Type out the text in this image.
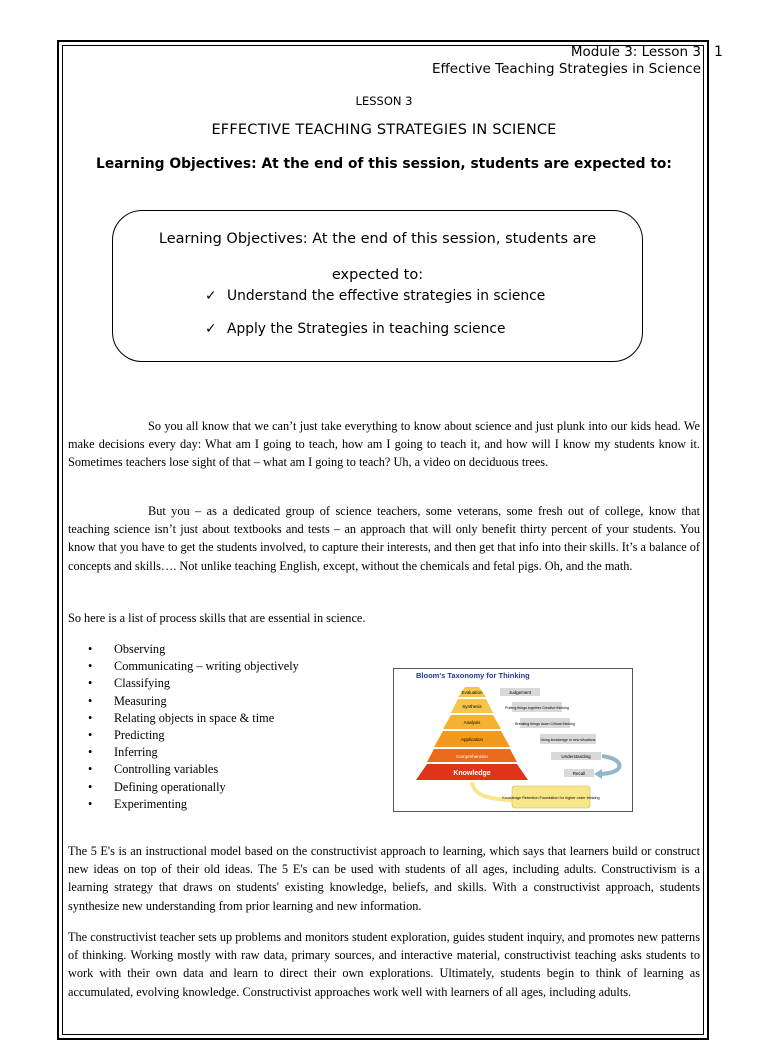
1
Module 3: Lesson 3
Effective Teaching Strategies in Science
LESSON 3
EFFECTIVE TEACHING STRATEGIES IN SCIENCE
Learning Objectives: At the end of this session, students are expected to:
Learning Objectives: At the end of this session, students are
expected to:
✓ Understand the effective strategies in science
✓ Apply the Strategies in teaching science

So you all know that we can’t just take everything to know about science and just plunk into our kids head. We make decisions every day: What am I going to teach, how am I going to teach it, and how will I know my students know it. Sometimes teachers lose sight of that – what am I going to teach? Uh, a video on deciduous trees.

But you – as a dedicated group of science teachers, some veterans, some fresh out of college, know that teaching science isn’t just about textbooks and tests – an approach that will only benefit thirty percent of your students. You know that you have to get the students involved, to capture their interests, and then get that info into their skills. It’s a balance of concepts and skills…. Not unlike teaching English, except, without the chemicals and fetal pigs. Oh, and the math.

So here is a list of process skills that are essential in science.

• Observing
• Communicating – writing objectively
• Classifying
• Measuring
• Relating objects in space & time
• Predicting
• Inferring
• Controlling variables
• Defining operationally
• Experimenting
Bloom's Taxonomy for Thinking
Evaluation
Synthesis
Analysis
Application
Comprehension
Knowledge
Judgement
Putting things together Creative thinking
Breaking things down Critical thinking
Using knowledge in new situations
Understanding
Recall
Knowledge Retention Foundation for higher order thinking

The 5 E's is an instructional model based on the constructivist approach to learning, which says that learners build or construct new ideas on top of their old ideas. The 5 E's can be used with students of all ages, including adults. Constructivism is a learning strategy that draws on students' existing knowledge, beliefs, and skills. With a constructivist approach, students synthesize new understanding from prior learning and new information.

The constructivist teacher sets up problems and monitors student exploration, guides student inquiry, and promotes new patterns of thinking. Working mostly with raw data, primary sources, and interactive material, constructivist teaching asks students to work with their own data and learn to direct their own explorations. Ultimately, students begin to think of learning as accumulated, evolving knowledge. Constructivist approaches work well with learners of all ages, including adults.
